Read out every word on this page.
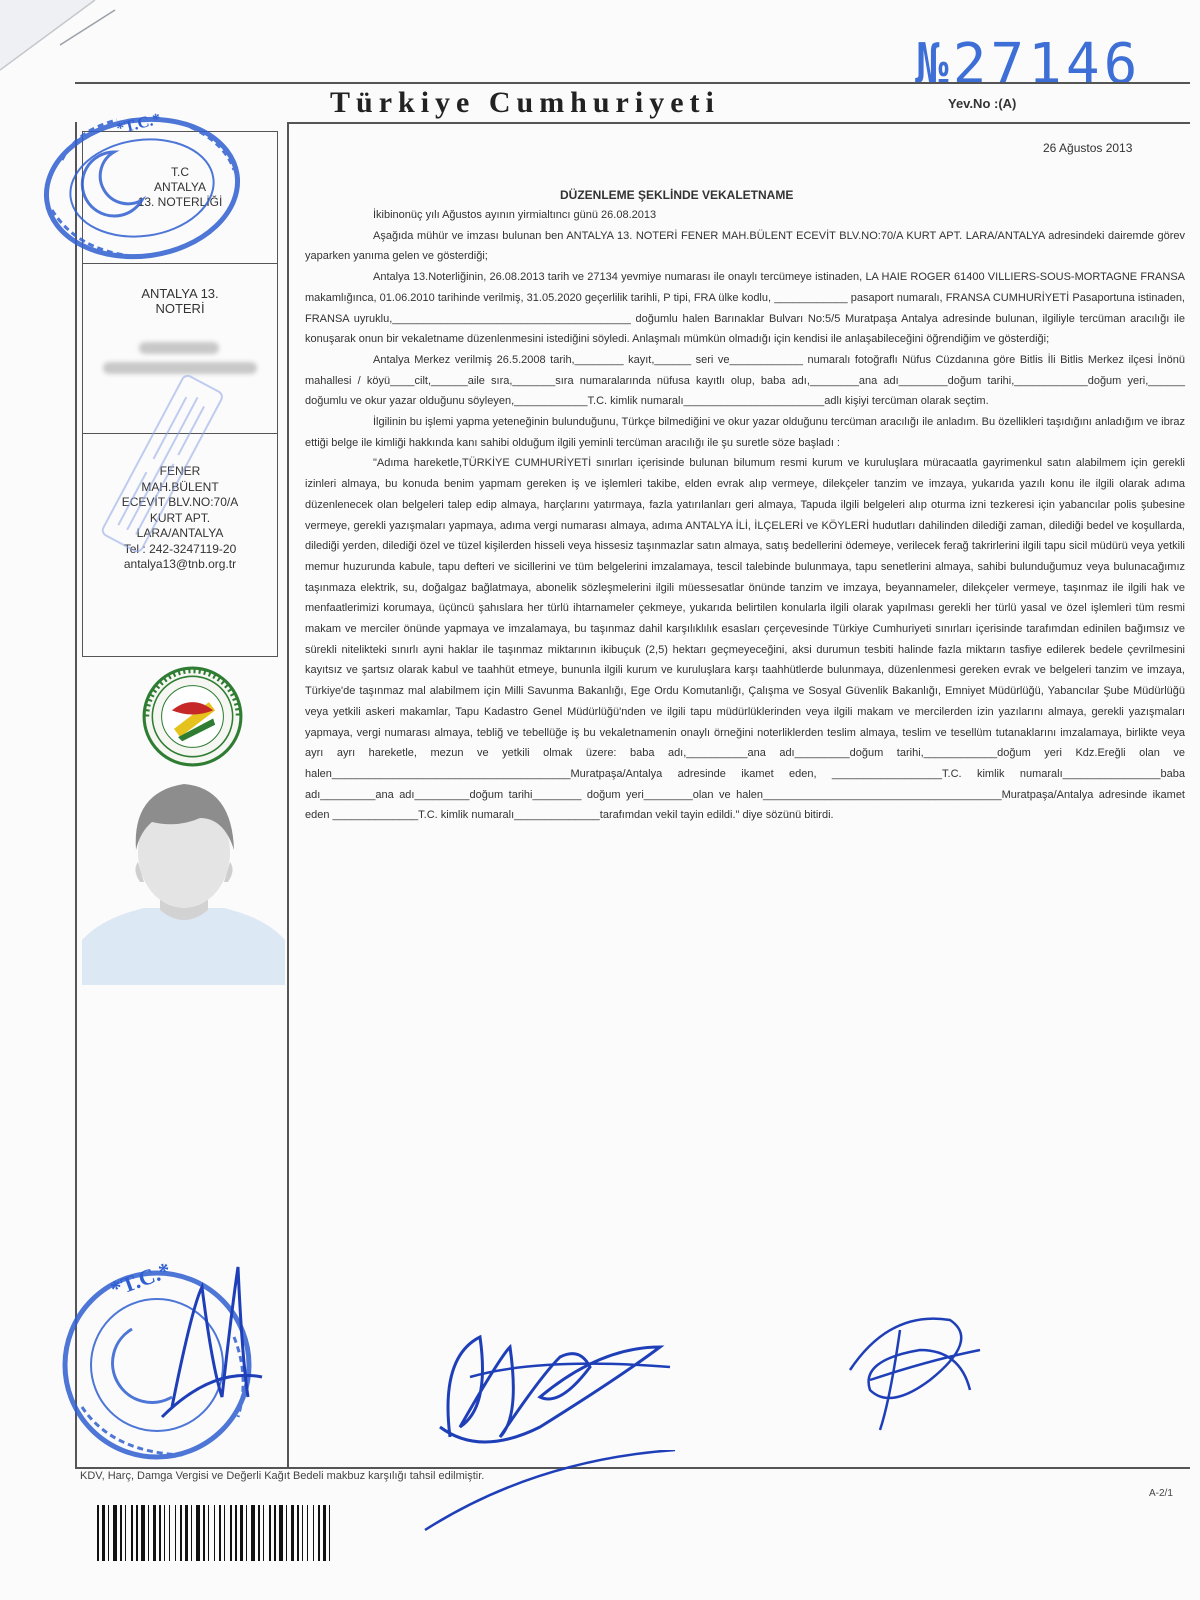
№27146
Türkiye Cumhuriyeti	Yev.No :(A)
T.C
ANTALYA
13. NOTERLİĞİ
ANTALYA 13.
NOTERİ
FENER
MAH.BÜLENT
ECEVİT BLV.NO:70/A
KURT APT.
LARA/ANTALYA
Tel : 242-3247119-20
antalya13@tnb.org.tr
*T.C.*
*T.C.*
26 Ağustos 2013
DÜZENLEME ŞEKLİNDE VEKALETNAME

İkibinonüç yılı Ağustos ayının yirmialtıncı günü 26.08.2013

Aşağıda mühür ve imzası bulunan ben ANTALYA 13. NOTERİ FENER MAH.BÜLENT ECEVİT BLV.NO:70/A KURT APT. LARA/ANTALYA adresindeki dairemde görev yaparken yanıma gelen ve gösterdiği;

Antalya 13.Noterliğinin, 26.08.2013 tarih ve 27134 yevmiye numarası ile onaylı tercümeye istinaden, LA HAIE ROGER 61400 VILLIERS-SOUS-MORTAGNE FRANSA makamlığınca, 01.06.2010 tarihinde verilmiş, 31.05.2020 geçerlilik tarihli, P tipi, FRA ülke kodlu, ____________ pasaport numaralı, FRANSA CUMHURİYETİ Pasaportuna istinaden, FRANSA uyruklu,_______________________________________ doğumlu halen Barınaklar Bulvarı No:5/5 Muratpaşa Antalya adresinde bulunan, ilgiliyle tercüman aracılığı ile konuşarak onun bir vekaletname düzenlenmesini istediğini söyledi. Anlaşmalı mümkün olmadığı için kendisi ile anlaşabileceğini öğrendiğim ve gösterdiği;

Antalya Merkez verilmiş 26.5.2008 tarih,________ kayıt,______ seri ve____________ numaralı fotoğraflı Nüfus Cüzdanına göre Bitlis İli Bitlis Merkez ilçesi İnönü mahallesi / köyü____cilt,______aile sıra,_______sıra numaralarında nüfusa kayıtlı olup, baba adı,________ana adı________doğum tarihi,____________doğum yeri,______ doğumlu ve okur yazar olduğunu söyleyen,____________T.C. kimlik numaralı_______________________adlı kişiyi tercüman olarak seçtim.

İlgilinin bu işlemi yapma yeteneğinin bulunduğunu, Türkçe bilmediğini ve okur yazar olduğunu tercüman aracılığı ile anladım. Bu özellikleri taşıdığını anladığım ve ibraz ettiği belge ile kimliği hakkında kanı sahibi olduğum ilgili yeminli tercüman aracılığı ile şu suretle söze başladı :

"Adıma hareketle,TÜRKİYE CUMHURİYETİ sınırları içerisinde bulunan bilumum resmi kurum ve kuruluşlara müracaatla gayrimenkul satın alabilmem için gerekli izinleri almaya, bu konuda benim yapmam gereken iş ve işlemleri takibe, elden evrak alıp vermeye, dilekçeler tanzim ve imzaya, yukarıda yazılı konu ile ilgili olarak adıma düzenlenecek olan belgeleri talep edip almaya, harçlarını yatırmaya, fazla yatırılanları geri almaya, Tapuda ilgili belgeleri alıp oturma izni tezkeresi için yabancılar polis şubesine vermeye, gerekli yazışmaları yapmaya, adıma vergi numarası almaya, adıma ANTALYA İLİ, İLÇELERİ ve KÖYLERİ hudutları dahilinden dilediği zaman, dilediği bedel ve koşullarda, dilediği yerden, dilediği özel ve tüzel kişilerden hisseli veya hissesiz taşınmazlar satın almaya, satış bedellerini ödemeye, verilecek ferağ takrirlerini ilgili tapu sicil müdürü veya yetkili memur huzurunda kabule, tapu defteri ve sicillerini ve tüm belgelerini imzalamaya, tescil talebinde bulunmaya, tapu senetlerini almaya, sahibi bulunduğumuz veya bulunacağımız taşınmaza elektrik, su, doğalgaz bağlatmaya, abonelik sözleşmelerini ilgili müessesatlar önünde tanzim ve imzaya, beyannameler, dilekçeler vermeye, taşınmaz ile ilgili hak ve menfaatlerimizi korumaya, üçüncü şahıslara her türlü ihtarnameler çekmeye, yukarıda belirtilen konularla ilgili olarak yapılması gerekli her türlü yasal ve özel işlemleri tüm resmi makam ve merciler önünde yapmaya ve imzalamaya, bu taşınmaz dahil karşılıklılık esasları çerçevesinde Türkiye Cumhuriyeti sınırları içerisinde tarafımdan edinilen bağımsız ve sürekli nitelikteki sınırlı ayni haklar ile taşınmaz miktarının ikibuçuk (2,5) hektarı geçmeyeceğini, aksi durumun tesbiti halinde fazla miktarın tasfiye edilerek bedele çevrilmesini kayıtsız ve şartsız olarak kabul ve taahhüt etmeye, bununla ilgili kurum ve kuruluşlara karşı taahhütlerde bulunmaya, düzenlenmesi gereken evrak ve belgeleri tanzim ve imzaya, Türkiye'de taşınmaz mal alabilmem için Milli Savunma Bakanlığı, Ege Ordu Komutanlığı, Çalışma ve Sosyal Güvenlik Bakanlığı, Emniyet Müdürlüğü, Yabancılar Şube Müdürlüğü veya yetkili askeri makamlar, Tapu Kadastro Genel Müdürlüğü'nden ve ilgili tapu müdürlüklerinden veya ilgili makam ve mercilerden izin yazılarını almaya, gerekli yazışmaları yapmaya, vergi numarası almaya, tebliğ ve tebellüğe iş bu vekaletnamenin onaylı örneğini noterliklerden teslim almaya, teslim ve tesellüm tutanaklarını imzalamaya, birlikte veya ayrı ayrı hareketle, mezun ve yetkili olmak üzere: baba adı,__________ana adı_________doğum tarihi,____________doğum yeri Kdz.Ereğli olan ve halen_______________________________________Muratpaşa/Antalya adresinde ikamet eden, __________________T.C. kimlik numaralı________________baba adı_________ana adı_________doğum tarihi________ doğum yeri________olan ve halen_______________________________________Muratpaşa/Antalya adresinde ikamet eden ______________T.C. kimlik numaralı______________tarafımdan vekil tayin edildi." diye sözünü bitirdi.

KDV, Harç, Damga Vergisi ve Değerli Kağıt Bedeli makbuz karşılığı tahsil edilmiştir.
A-2/1
